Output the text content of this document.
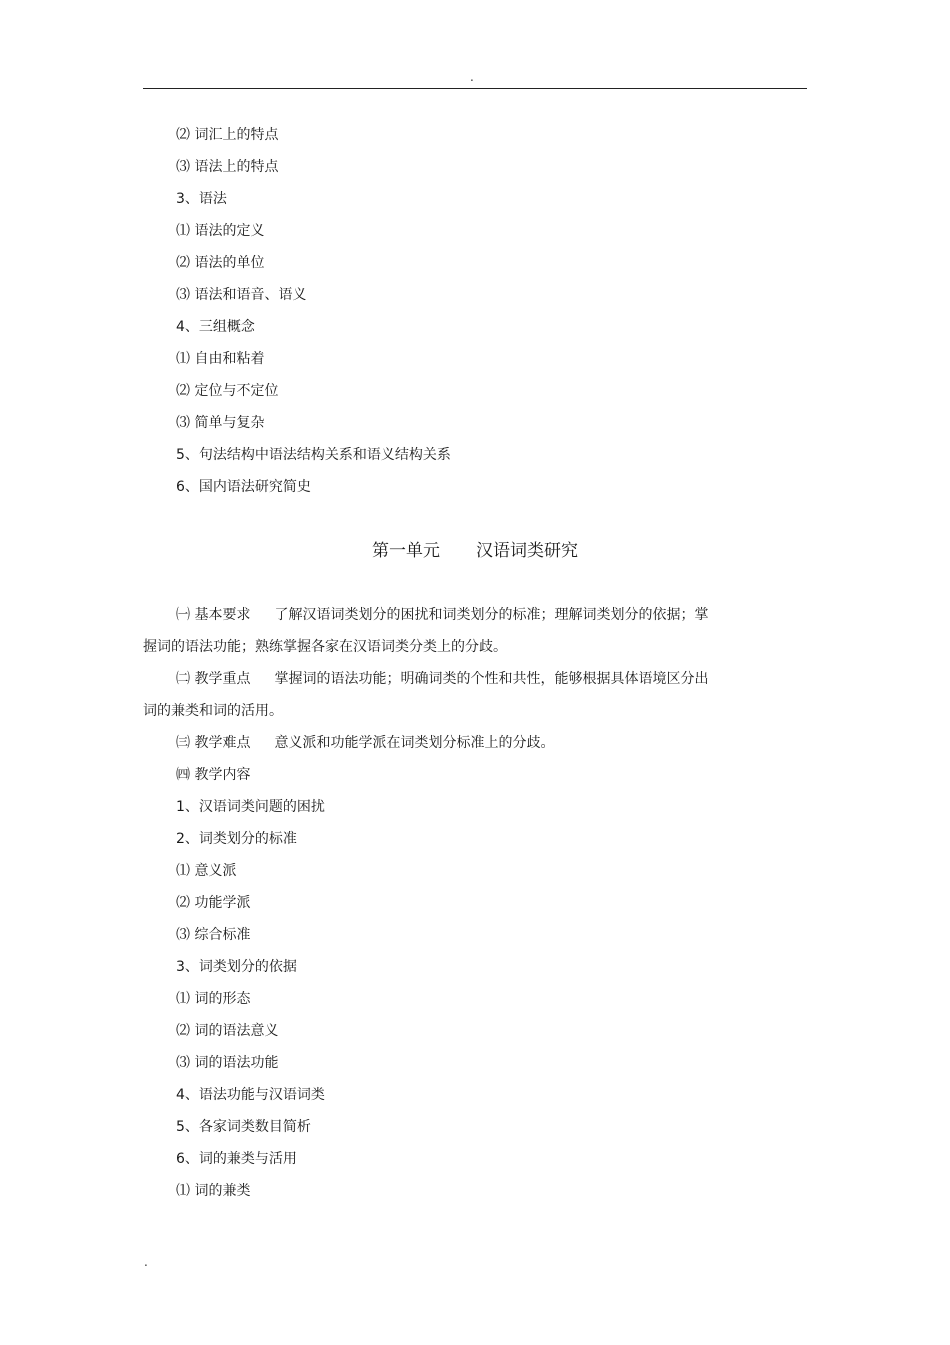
.
⑵ 词汇上的特点
⑶ 语法上的特点
3、语法
⑴ 语法的定义
⑵ 语法的单位
⑶ 语法和语音、语义
4、三组概念
⑴ 自由和粘着
⑵ 定位与不定位
⑶ 简单与复杂
5、句法结构中语法结构关系和语义结构关系
6、国内语法研究简史
第一单元 汉语词类研究
㈠ 基本要求 了解汉语词类划分的困扰和词类划分的标准；理解词类划分的依据；掌
握词的语法功能；熟练掌握各家在汉语词类分类上的分歧。
㈡ 教学重点 掌握词的语法功能；明确词类的个性和共性，能够根据具体语境区分出
词的兼类和词的活用。
㈢ 教学难点 意义派和功能学派在词类划分标准上的分歧。
㈣ 教学内容
1、汉语词类问题的困扰
2、词类划分的标准
⑴ 意义派
⑵ 功能学派
⑶ 综合标准
3、词类划分的依据
⑴ 词的形态
⑵ 词的语法意义
⑶ 词的语法功能
4、语法功能与汉语词类
5、各家词类数目简析
6、词的兼类与活用
⑴ 词的兼类
.
